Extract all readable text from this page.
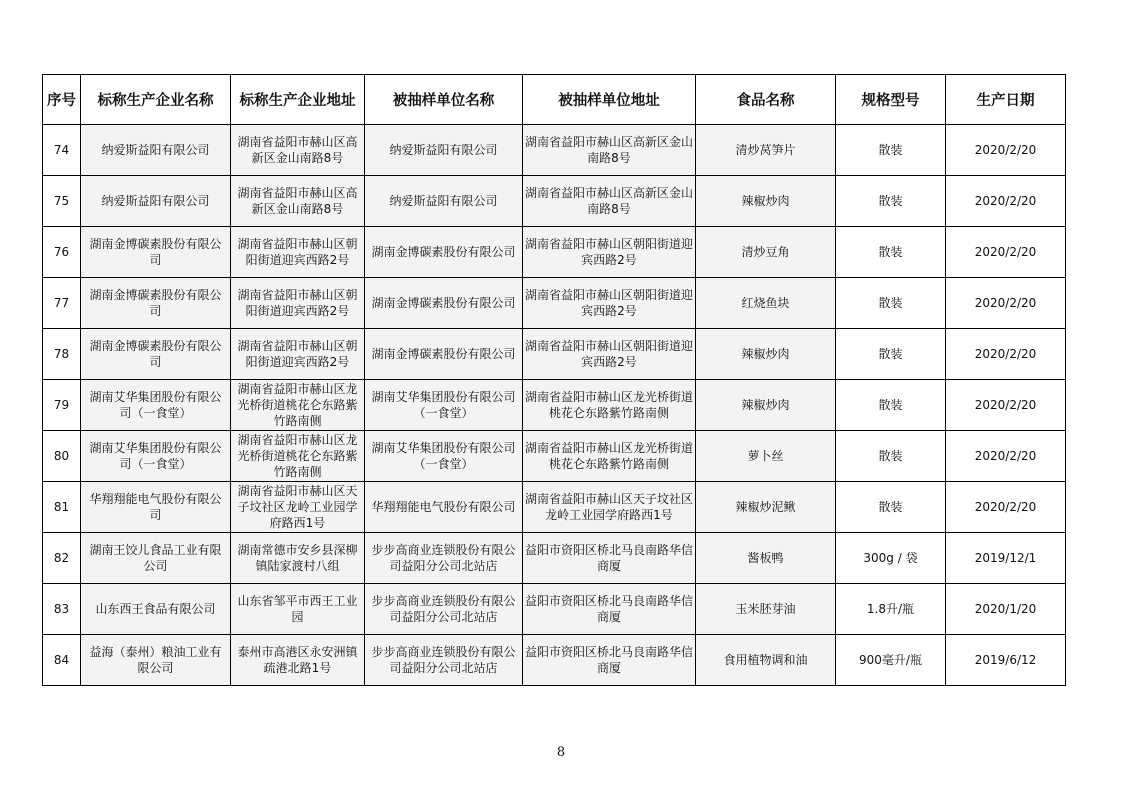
序号	标称生产企业名称	标称生产企业地址	被抽样单位名称	被抽样单位地址	食品名称	规格型号	生产日期
74	纳爱斯益阳有限公司	湖南省益阳市赫山区高新区金山南路8号	纳爱斯益阳有限公司	湖南省益阳市赫山区高新区金山南路8号	清炒莴笋片	散装	2020/2/20
75	纳爱斯益阳有限公司	湖南省益阳市赫山区高新区金山南路8号	纳爱斯益阳有限公司	湖南省益阳市赫山区高新区金山南路8号	辣椒炒肉	散装	2020/2/20
76	湖南金博碳素股份有限公司	湖南省益阳市赫山区朝阳街道迎宾西路2号	湖南金博碳素股份有限公司	湖南省益阳市赫山区朝阳街道迎宾西路2号	清炒豆角	散装	2020/2/20
77	湖南金博碳素股份有限公司	湖南省益阳市赫山区朝阳街道迎宾西路2号	湖南金博碳素股份有限公司	湖南省益阳市赫山区朝阳街道迎宾西路2号	红烧鱼块	散装	2020/2/20
78	湖南金博碳素股份有限公司	湖南省益阳市赫山区朝阳街道迎宾西路2号	湖南金博碳素股份有限公司	湖南省益阳市赫山区朝阳街道迎宾西路2号	辣椒炒肉	散装	2020/2/20
79	湖南艾华集团股份有限公司（一食堂）	湖南省益阳市赫山区龙光桥街道桃花仑东路紫竹路南侧	湖南艾华集团股份有限公司（一食堂）	湖南省益阳市赫山区龙光桥街道桃花仑东路紫竹路南侧	辣椒炒肉	散装	2020/2/20
80	湖南艾华集团股份有限公司（一食堂）	湖南省益阳市赫山区龙光桥街道桃花仑东路紫竹路南侧	湖南艾华集团股份有限公司（一食堂）	湖南省益阳市赫山区龙光桥街道桃花仑东路紫竹路南侧	萝卜丝	散装	2020/2/20
81	华翔翔能电气股份有限公司	湖南省益阳市赫山区天子坟社区龙岭工业园学府路西1号	华翔翔能电气股份有限公司	湖南省益阳市赫山区天子坟社区龙岭工业园学府路西1号	辣椒炒泥鳅	散装	2020/2/20
82	湖南王饺儿食品工业有限公司	湖南常德市安乡县深柳镇陆家渡村八组	步步高商业连锁股份有限公司益阳分公司北站店	益阳市资阳区桥北马良南路华信商厦	酱板鸭	300g / 袋	2019/12/1
83	山东西王食品有限公司	山东省邹平市西王工业园	步步高商业连锁股份有限公司益阳分公司北站店	益阳市资阳区桥北马良南路华信商厦	玉米胚芽油	1.8升/瓶	2020/1/20
84	益海（泰州）粮油工业有限公司	泰州市高港区永安洲镇疏港北路1号	步步高商业连锁股份有限公司益阳分公司北站店	益阳市资阳区桥北马良南路华信商厦	食用植物调和油	900毫升/瓶	2019/6/12
8
